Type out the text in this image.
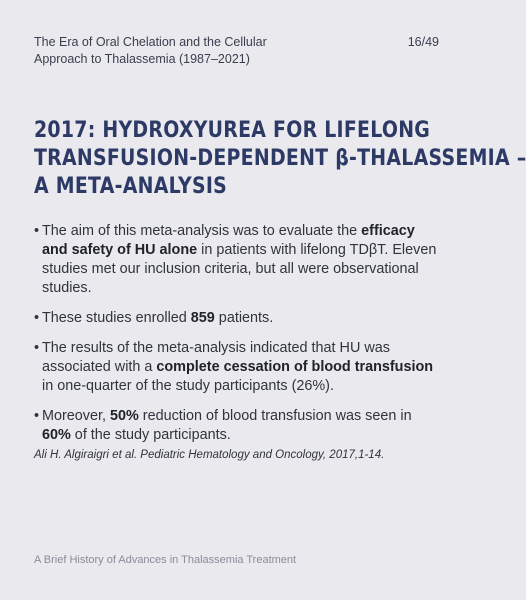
The Era of Oral Chelation and the Cellular
Approach to Thalassemia (1987–2021)
16/49
2017: HYDROXYUREA FOR LIFELONG
TRANSFUSION-DEPENDENT β-THALASSEMIA –
A META-ANALYSIS
• The aim of this meta-analysis was to evaluate the efficacy and safety of HU alone in patients with lifelong TDβT. Eleven studies met our inclusion criteria, but all were observational studies.
• These studies enrolled 859 patients.
• The results of the meta-analysis indicated that HU was associated with a complete cessation of blood transfusion in one-quarter of the study participants (26%).
• Moreover, 50% reduction of blood transfusion was seen in 60% of the study participants.
Ali H. Algiraigri et al. Pediatric Hematology and Oncology, 2017,1-14.
A Brief History of Advances in Thalassemia Treatment
